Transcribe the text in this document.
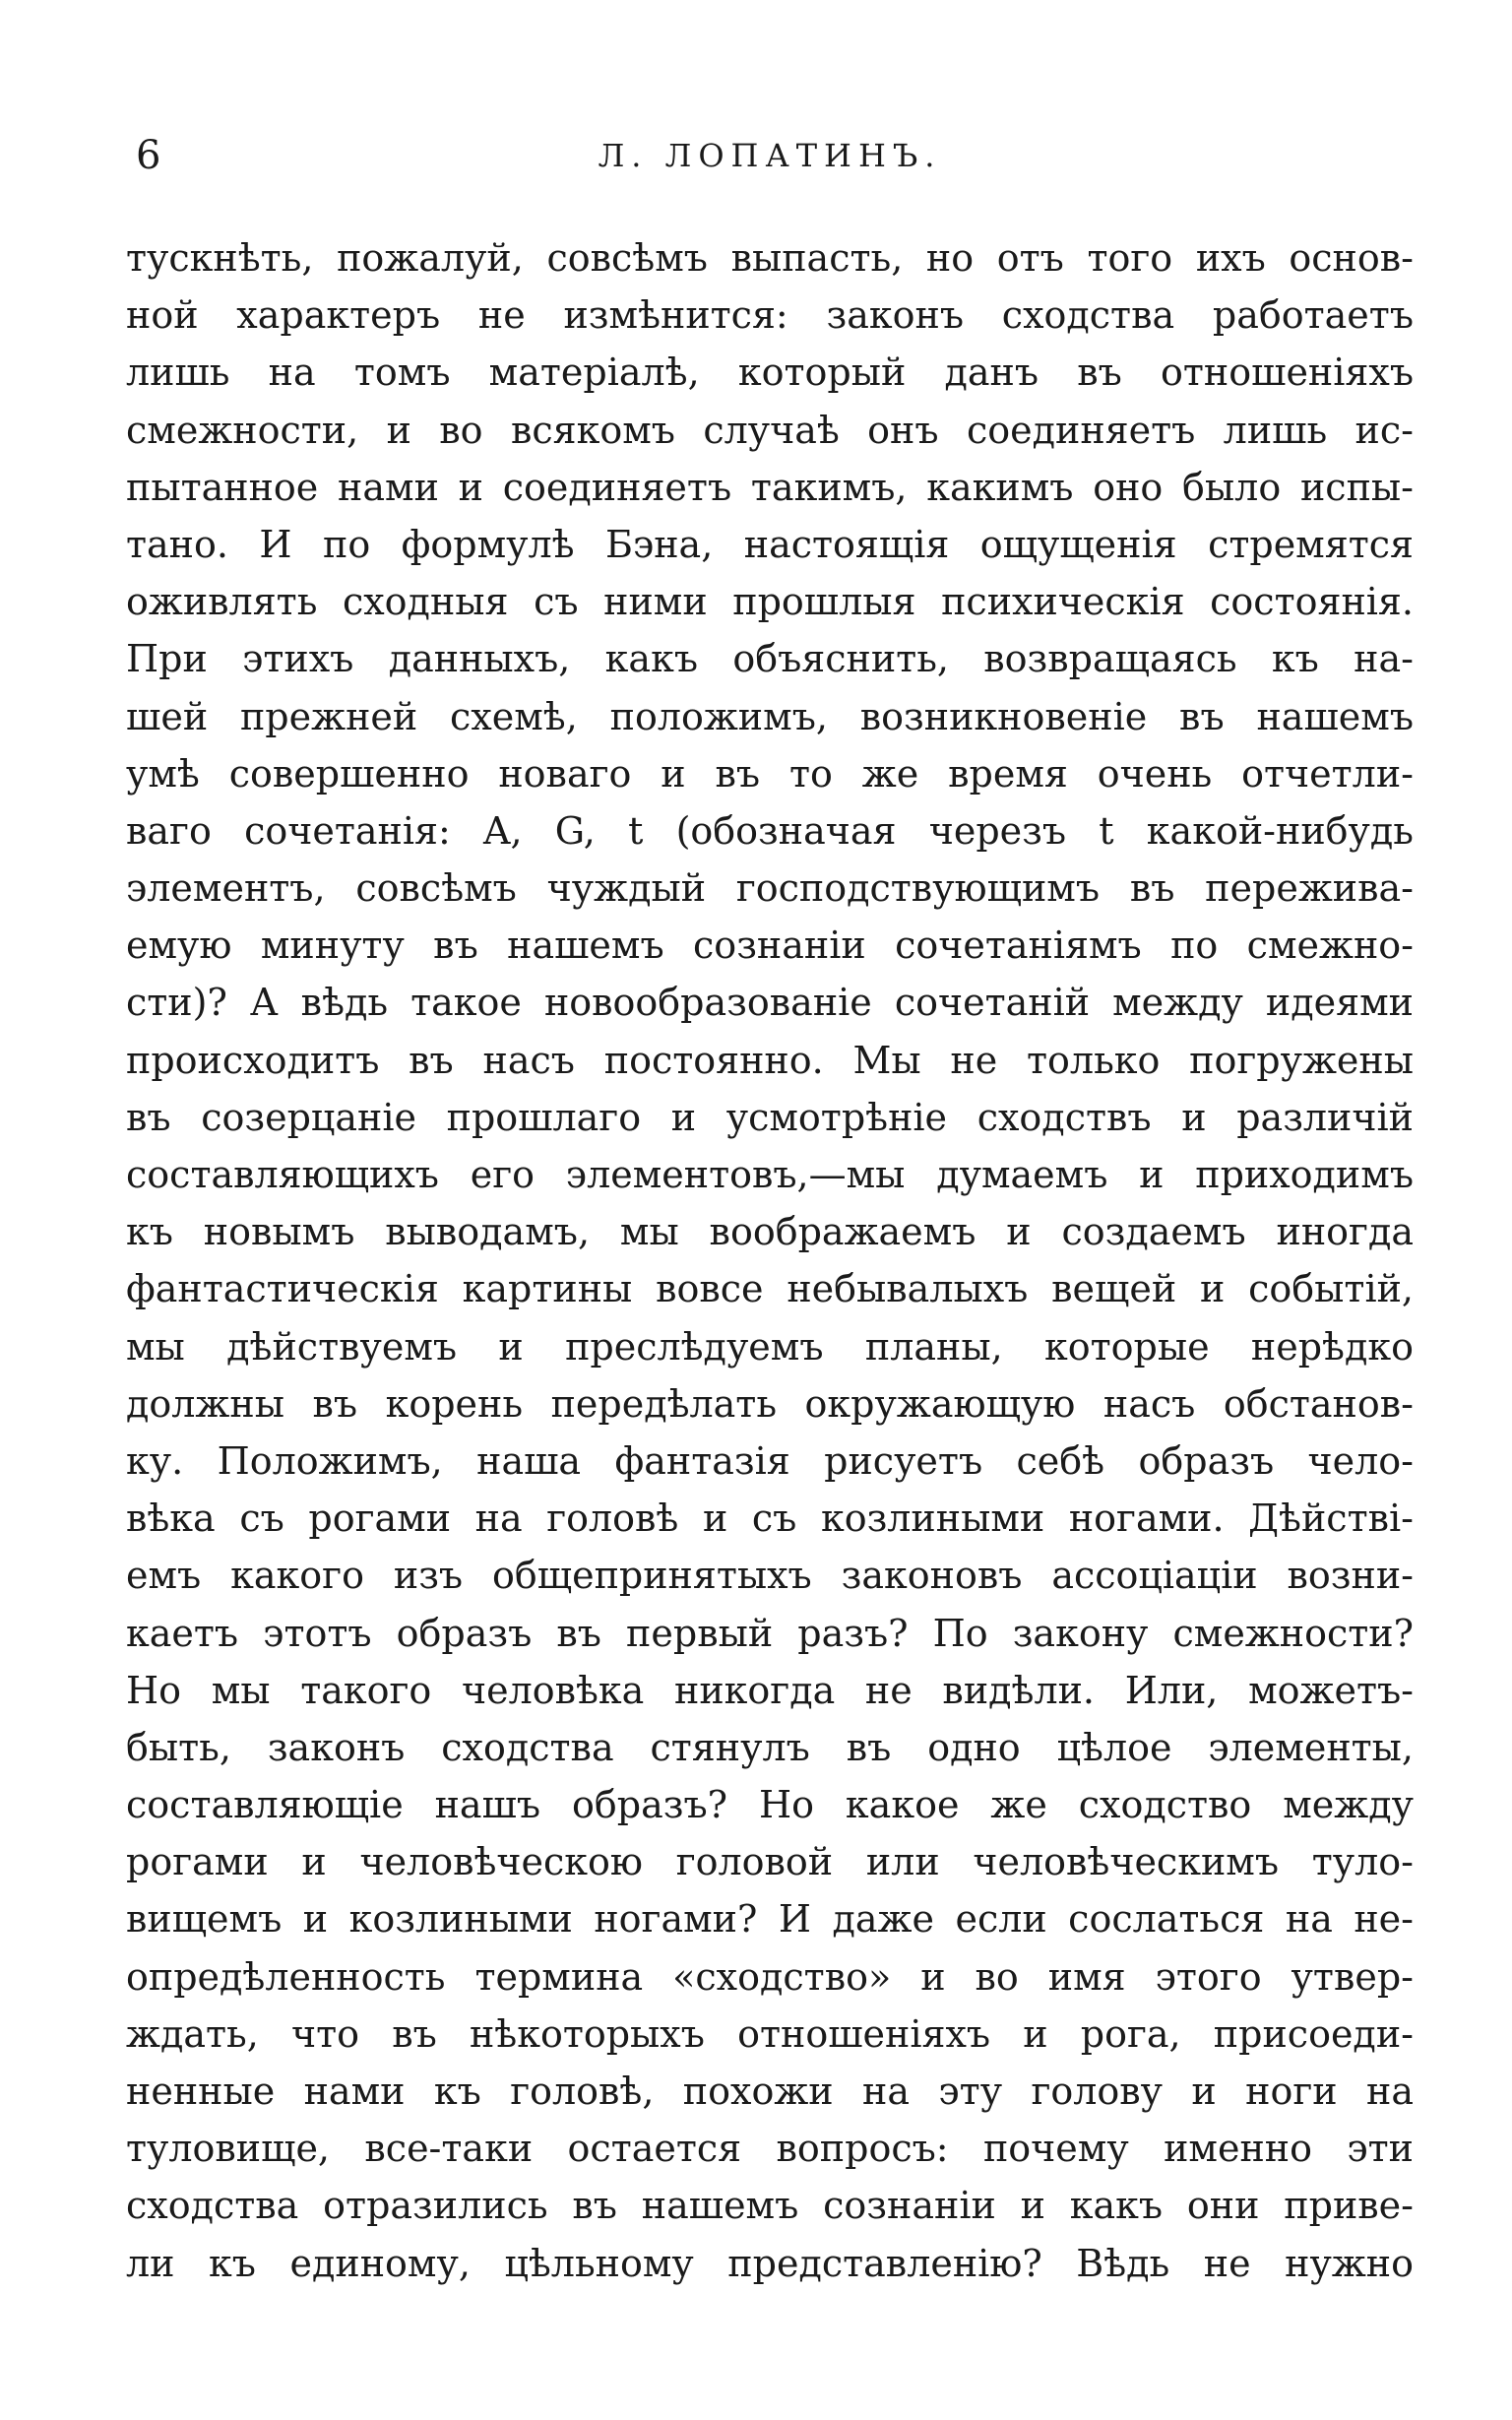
6	Л. ЛОПАТИНЪ.
тускнѣть, пожалуй, совсѣмъ выпасть, но отъ того ихъ основ-
ной характеръ не измѣнится: законъ сходства работаетъ
лишь на томъ матеріалѣ, который данъ въ отношеніяхъ
смежности, и во всякомъ случаѣ онъ соединяетъ лишь ис-
пытанное нами и соединяетъ такимъ, какимъ оно было испы-
тано. И по формулѣ Бэна, настоящія ощущенія стремятся
оживлять сходныя съ ними прошлыя психическія состоянія.
При этихъ данныхъ, какъ объяснить, возвращаясь къ на-
шей прежней схемѣ, положимъ, возникновеніе въ нашемъ
умѣ совершенно новаго и въ то же время очень отчетли-
ваго сочетанія: A, G, t (обозначая черезъ t какой-нибудь
элементъ, совсѣмъ чуждый господствующимъ въ пережива-
емую минуту въ нашемъ сознаніи сочетаніямъ по смежно-
сти)? А вѣдь такое новообразованіе сочетаній между идеями
происходитъ въ насъ постоянно. Мы не только погружены
въ созерцаніе прошлаго и усмотрѣніе сходствъ и различій
составляющихъ его элементовъ,—мы думаемъ и приходимъ
къ новымъ выводамъ, мы воображаемъ и создаемъ иногда
фантастическія картины вовсе небывалыхъ вещей и событій,
мы дѣйствуемъ и преслѣдуемъ планы, которые нерѣдко
должны въ корень передѣлать окружающую насъ обстанов-
ку. Положимъ, наша фантазія рисуетъ себѣ образъ чело-
вѣка съ рогами на головѣ и съ козлиными ногами. Дѣйствi-
емъ какого изъ общепринятыхъ законовъ ассоціаціи возни-
каетъ этотъ образъ въ первый разъ? По закону смежности?
Но мы такого человѣка никогда не видѣли. Или, можетъ-
быть, законъ сходства стянулъ въ одно цѣлое элементы,
составляющіе нашъ образъ? Но какое же сходство между
рогами и человѣческою головой или человѣческимъ туло-
вищемъ и козлиными ногами? И даже если сослаться на не-
опредѣленность термина «сходство» и во имя этого утвер-
ждать, что въ нѣкоторыхъ отношеніяхъ и рога, присоеди-
ненные нами къ головѣ, похожи на эту голову и ноги на
туловище, все-таки остается вопросъ: почему именно эти
сходства отразились въ нашемъ сознаніи и какъ они приве-
ли къ единому, цѣльному представленію? Вѣдь не нужно
